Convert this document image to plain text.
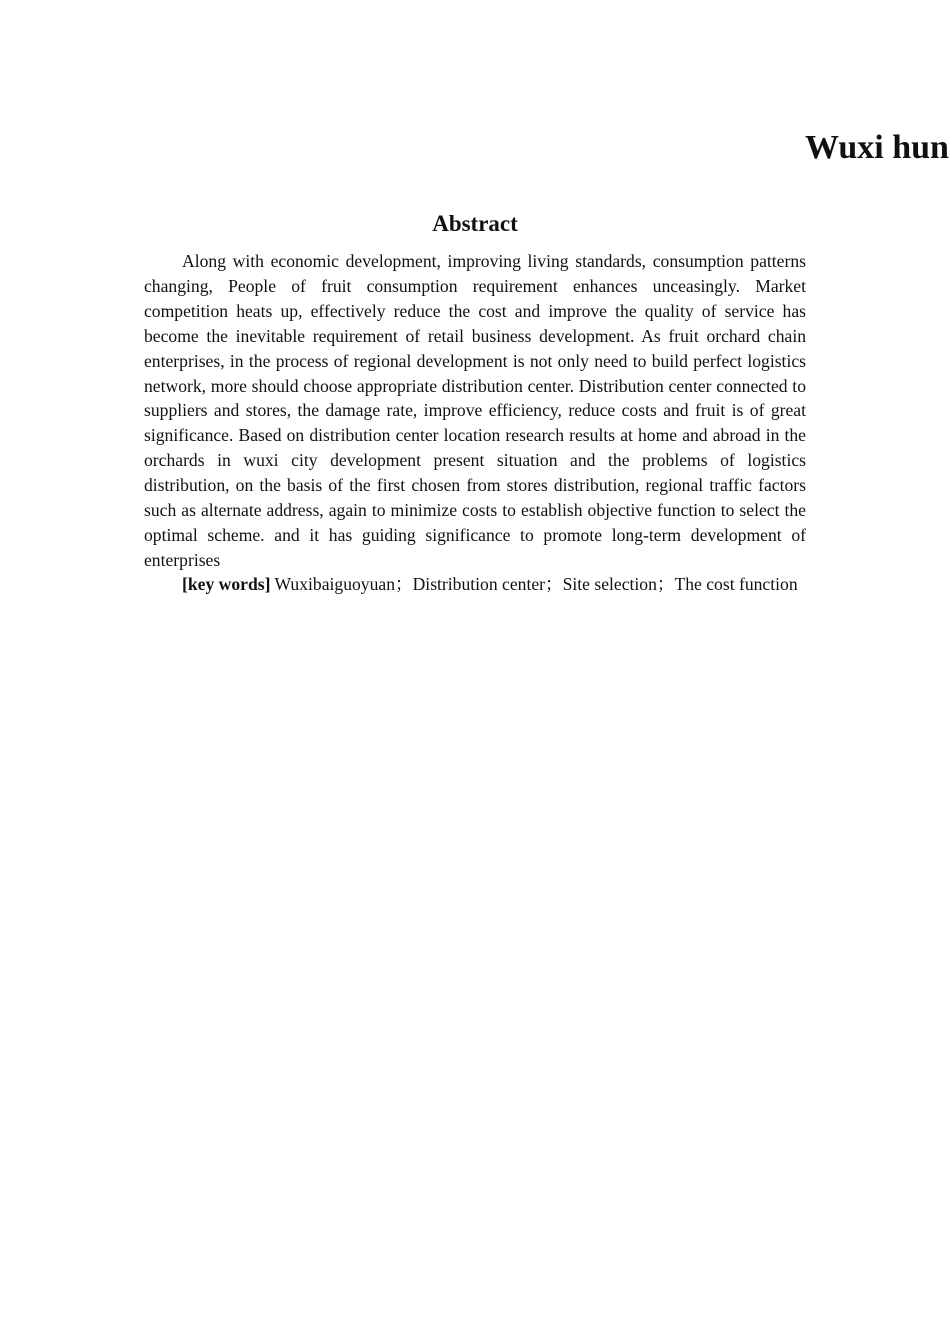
Wuxi hun
Abstract

Along with economic development, improving living standards, consumption patterns changing, People of fruit consumption requirement enhances unceasingly. Market competition heats up, effectively reduce the cost and improve the quality of service has become the inevitable requirement of retail business development. As fruit orchard chain enterprises, in the process of regional development is not only need to build perfect logistics network, more should choose appropriate distribution center. Distribution center connected to suppliers and stores, the damage rate, improve efficiency, reduce costs and fruit is of great significance. Based on distribution center location research results at home and abroad in the orchards in wuxi city development present situation and the problems of logistics distribution, on the basis of the first chosen from stores distribution, regional traffic factors such as alternate address, again to minimize costs to establish objective function to select the optimal scheme. and it has guiding significance to promote long-term development of enterprises

[key words] Wuxibaiguoyuan；Distribution center；Site selection；The cost function
